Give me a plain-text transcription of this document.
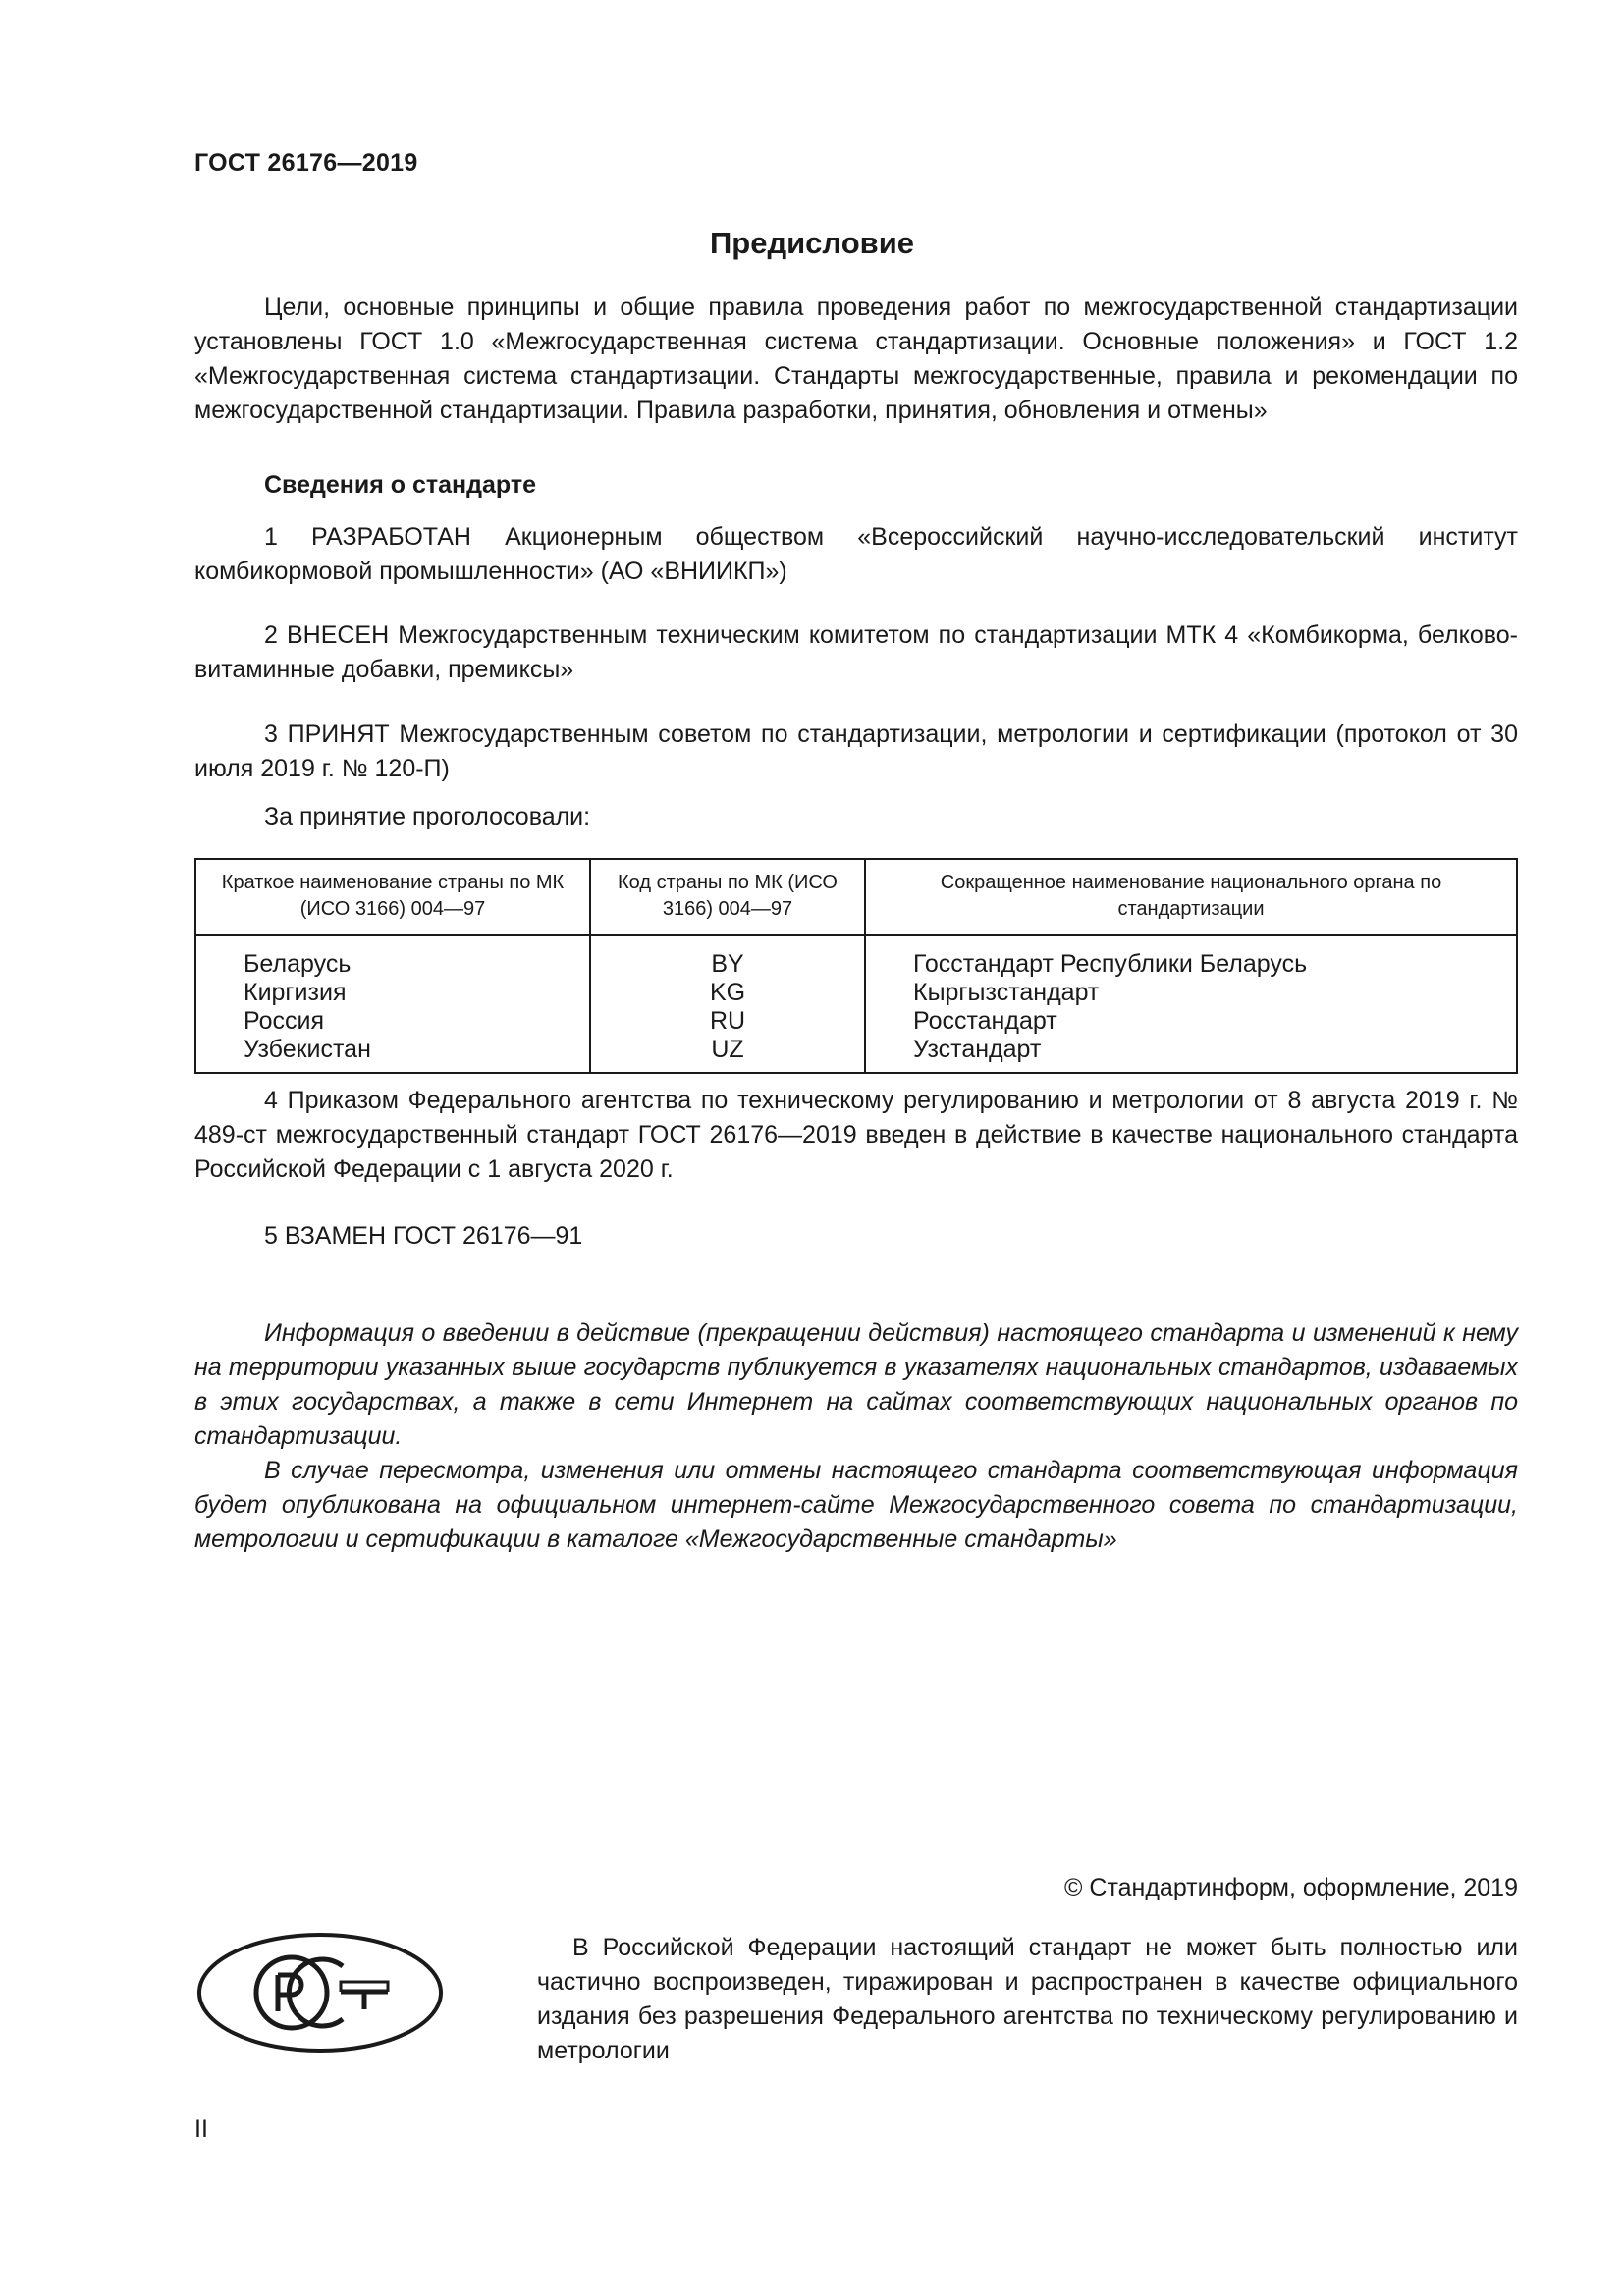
ГОСТ 26176—2019
Предисловие
Цели, основные принципы и общие правила проведения работ по межгосударственной стандартизации установлены ГОСТ 1.0 «Межгосударственная система стандартизации. Основные положения» и ГОСТ 1.2 «Межгосударственная система стандартизации. Стандарты межгосударственные, правила и рекомендации по межгосударственной стандартизации. Правила разработки, принятия, обновления и отмены»
Сведения о стандарте
1 РАЗРАБОТАН Акционерным обществом «Всероссийский научно-исследовательский институт комбикормовой промышленности» (АО «ВНИИКП»)
2 ВНЕСЕН Межгосударственным техническим комитетом по стандартизации МТК 4 «Комбикорма, белково-витаминные добавки, премиксы»
3 ПРИНЯТ Межгосударственным советом по стандартизации, метрологии и сертификации (протокол от 30 июля 2019 г. № 120-П)
За принятие проголосовали:
Краткое наименование страны по МК (ИСО 3166) 004—97	Код страны по МК (ИСО 3166) 004—97	Сокращенное наименование национального органа по стандартизации
Беларусь	BY	Госстандарт Республики Беларусь
Киргизия	KG	Кыргызстандарт
Россия	RU	Росстандарт
Узбекистан	UZ	Узстандарт
4 Приказом Федерального агентства по техническому регулированию и метрологии от 8 августа 2019 г. № 489-ст межгосударственный стандарт ГОСТ 26176—2019 введен в действие в качестве национального стандарта Российской Федерации с 1 августа 2020 г.
5 ВЗАМЕН ГОСТ 26176—91

Информация о введении в действие (прекращении действия) настоящего стандарта и изменений к нему на территории указанных выше государств публикуется в указателях национальных стандартов, издаваемых в этих государствах, а также в сети Интернет на сайтах соответствующих национальных органов по стандартизации.

В случае пересмотра, изменения или отмены настоящего стандарта соответствующая информация будет опубликована на официальном интернет-сайте Межгосударственного совета по стандартизации, метрологии и сертификации в каталоге «Межгосударственные стандарты»

© Стандартинформ, оформление, 2019
В Российской Федерации настоящий стандарт не может быть полностью или частично воспроизведен, тиражирован и распространен в качестве официального издания без разрешения Федерального агентства по техническому регулированию и метрологии
II
